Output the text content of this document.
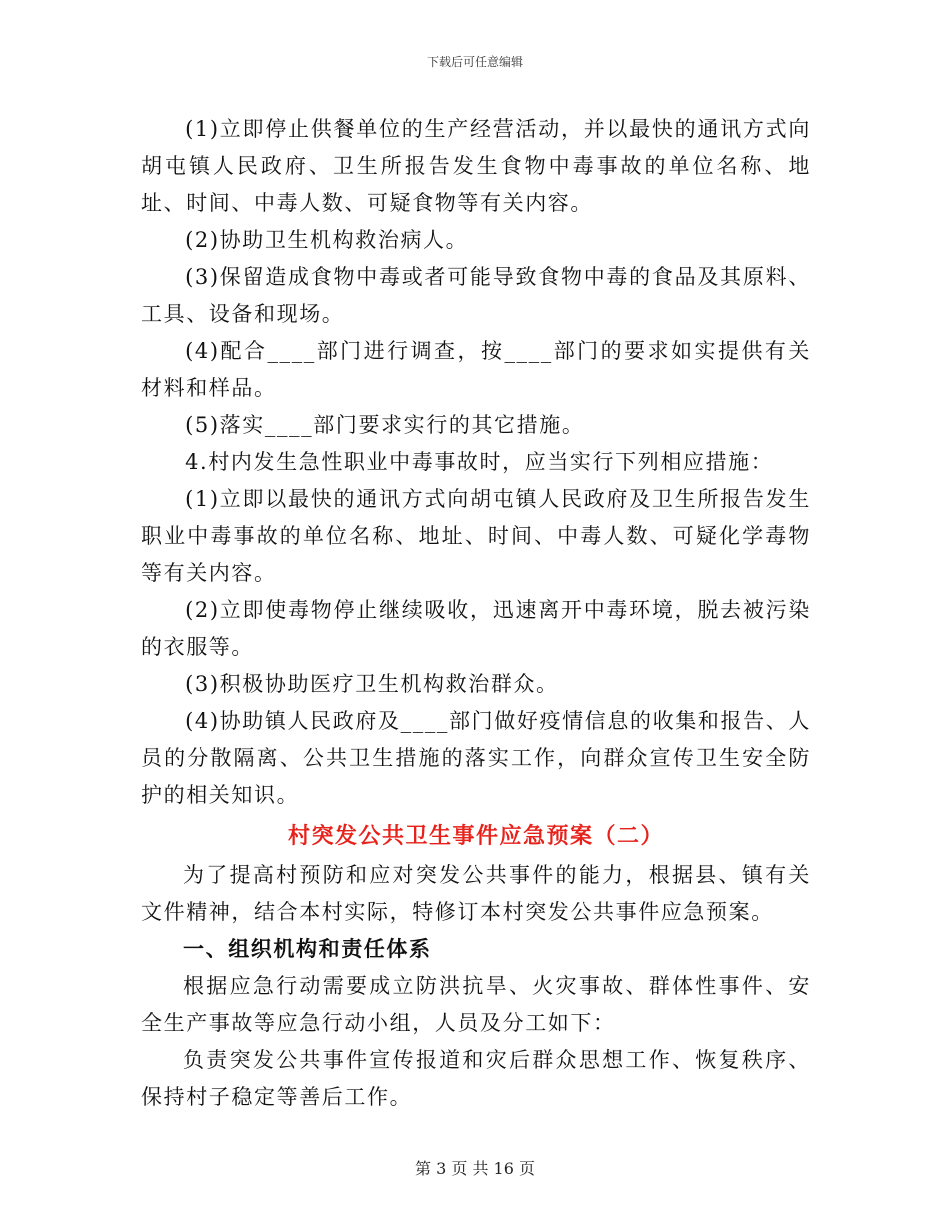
下载后可任意编辑

(1)立即停止供餐单位的生产经营活动，并以最快的通讯方式向胡屯镇人民政府、卫生所报告发生食物中毒事故的单位名称、地址、时间、中毒人数、可疑食物等有关内容。

(2)协助卫生机构救治病人。

(3)保留造成食物中毒或者可能导致食物中毒的食品及其原料、工具、设备和现场。

(4)配合____部门进行调查，按____部门的要求如实提供有关材料和样品。

(5)落实____部门要求实行的其它措施。

4.村内发生急性职业中毒事故时，应当实行下列相应措施：

(1)立即以最快的通讯方式向胡屯镇人民政府及卫生所报告发生职业中毒事故的单位名称、地址、时间、中毒人数、可疑化学毒物等有关内容。

(2)立即使毒物停止继续吸收，迅速离开中毒环境，脱去被污染的衣服等。

(3)积极协助医疗卫生机构救治群众。

(4)协助镇人民政府及____部门做好疫情信息的收集和报告、人员的分散隔离、公共卫生措施的落实工作，向群众宣传卫生安全防护的相关知识。

村突发公共卫生事件应急预案（二）

为了提高村预防和应对突发公共事件的能力，根据县、镇有关文件精神，结合本村实际，特修订本村突发公共事件应急预案。

一、组织机构和责任体系

根据应急行动需要成立防洪抗旱、火灾事故、群体性事件、安全生产事故等应急行动小组，人员及分工如下：

负责突发公共事件宣传报道和灾后群众思想工作、恢复秩序、保持村子稳定等善后工作。

第 3 页 共 16 页
